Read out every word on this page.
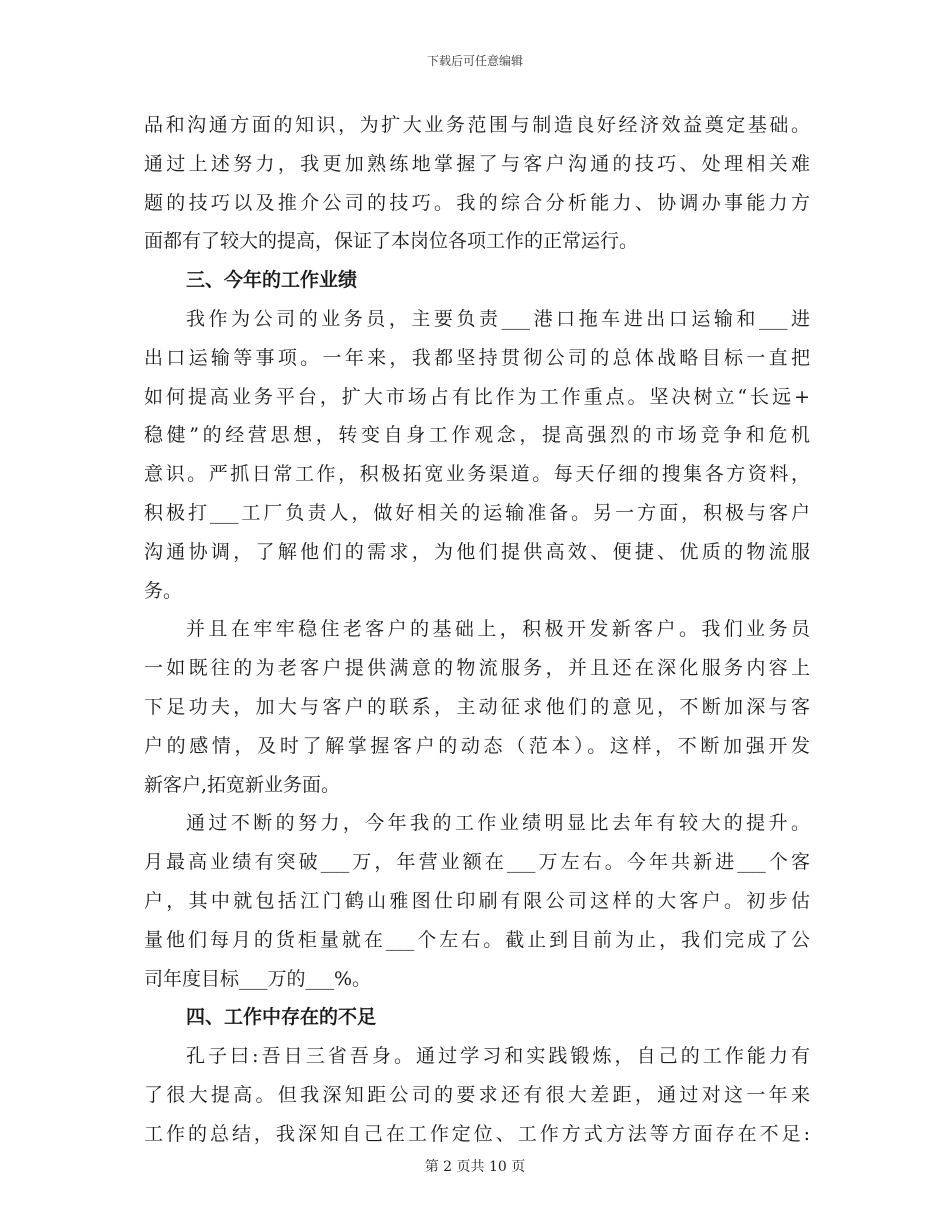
下载后可任意编辑
品和沟通方面的知识，为扩大业务范围与制造良好经济效益奠定基础。
通过上述努力，我更加熟练地掌握了与客户沟通的技巧、处理相关难
题的技巧以及推介公司的技巧。我的综合分析能力、协调办事能力方
面都有了较大的提高，保证了本岗位各项工作的正常运行。
三、今年的工作业绩
我作为公司的业务员，主要负责___港口拖车进出口运输和___进
出口运输等事项。一年来，我都坚持贯彻公司的总体战略目标一直把
如何提高业务平台，扩大市场占有比作为工作重点。坚决树立“长远+
稳健”的经营思想，转变自身工作观念，提高强烈的市场竞争和危机
意识。严抓日常工作，积极拓宽业务渠道。每天仔细的搜集各方资料，
积极打___工厂负责人，做好相关的运输准备。另一方面，积极与客户
沟通协调，了解他们的需求，为他们提供高效、便捷、优质的物流服
务。
并且在牢牢稳住老客户的基础上，积极开发新客户。我们业务员
一如既往的为老客户提供满意的物流服务，并且还在深化服务内容上
下足功夫，加大与客户的联系，主动征求他们的意见，不断加深与客
户的感情，及时了解掌握客户的动态（范本）。这样，不断加强开发
新客户,拓宽新业务面。
通过不断的努力，今年我的工作业绩明显比去年有较大的提升。
月最高业绩有突破___万，年营业额在___万左右。今年共新进___个客
户，其中就包括江门鹤山雅图仕印刷有限公司这样的大客户。初步估
量他们每月的货柜量就在___个左右。截止到目前为止，我们完成了公
司年度目标___万的___%。
四、工作中存在的不足
孔子曰:吾日三省吾身。通过学习和实践锻炼，自己的工作能力有
了很大提高。但我深知距公司的要求还有很大差距，通过对这一年来
工作的总结，我深知自己在工作定位、工作方式方法等方面存在不足:
第 2 页共 10 页
